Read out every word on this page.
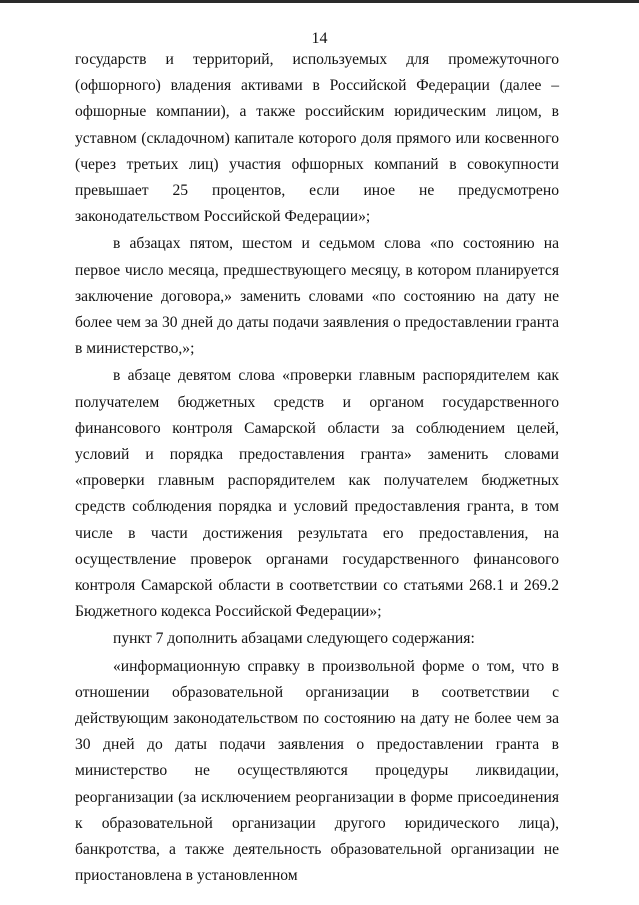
14

государств и территорий, используемых для промежуточного (офшорного) владения активами в Российской Федерации (далее – офшорные компании), а также российским юридическим лицом, в уставном (складочном) капитале которого доля прямого или косвенного (через третьих лиц) участия офшорных компаний в совокупности превышает 25 процентов, если иное не предусмотрено законодательством Российской Федерации»;

в абзацах пятом, шестом и седьмом слова «по состоянию на первое число месяца, предшествующего месяцу, в котором планируется заключение договора,» заменить словами «по состоянию на дату не более чем за 30 дней до даты подачи заявления о предоставлении гранта в министерство,»;

в абзаце девятом слова «проверки главным распорядителем как получателем бюджетных средств и органом государственного финансового контроля Самарской области за соблюдением целей, условий и порядка предоставления гранта» заменить словами «проверки главным распорядителем как получателем бюджетных средств соблюдения порядка и условий предоставления гранта, в том числе в части достижения результата его предоставления, на осуществление проверок органами государственного финансового контроля Самарской области в соответствии со статьями 268.1 и 269.2 Бюджетного кодекса Российской Федерации»;

пункт 7 дополнить абзацами следующего содержания:

«информационную справку в произвольной форме о том, что в отношении образовательной организации в соответствии с действующим законодательством по состоянию на дату не более чем за 30 дней до даты подачи заявления о предоставлении гранта в министерство не осуществляются процедуры ликвидации, реорганизации (за исключением реорганизации в форме присоединения к образовательной организации другого юридического лица), банкротства, а также деятельность образовательной организации не приостановлена в установленном
